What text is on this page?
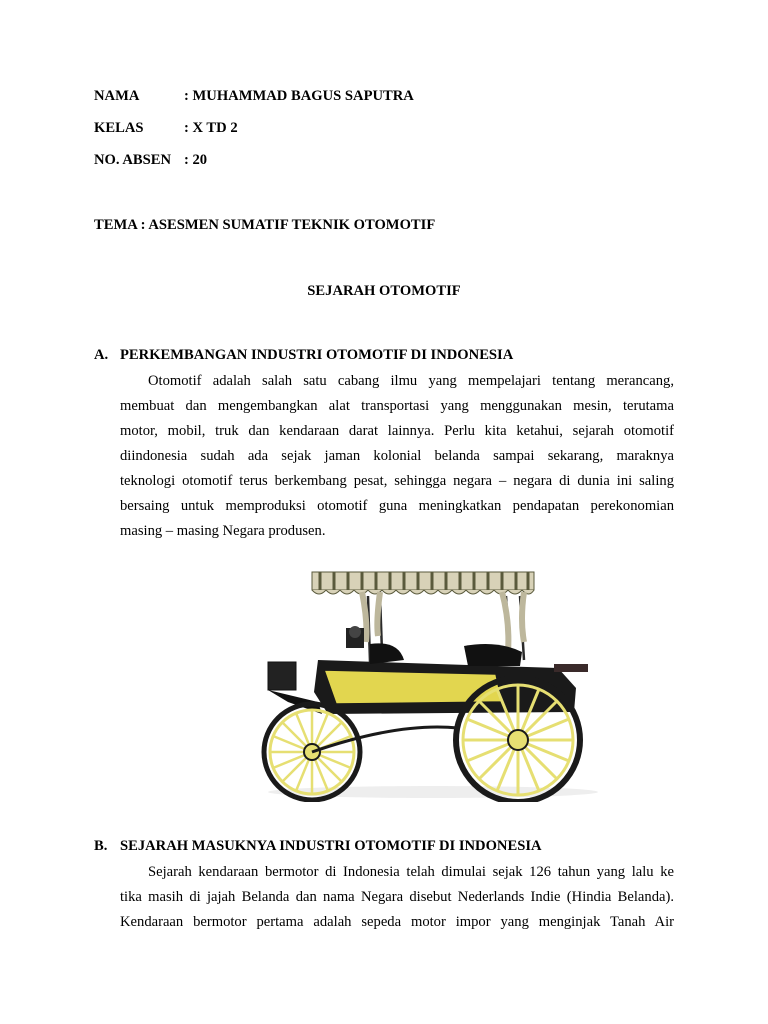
NAMA	: MUHAMMAD BAGUS SAPUTRA
KELAS	: X TD 2
NO. ABSEN : 20
TEMA : ASESMEN SUMATIF TEKNIK OTOMOTIF
SEJARAH OTOMOTIF
A. PERKEMBANGAN INDUSTRI OTOMOTIF DI INDONESIA
Otomotif adalah salah satu cabang ilmu yang mempelajari tentang merancang,
membuat dan mengembangkan alat transportasi yang menggunakan mesin, terutama
motor, mobil, truk dan kendaraan darat lainnya. Perlu kita ketahui, sejarah otomotif
diindonesia sudah ada sejak jaman kolonial belanda sampai sekarang, maraknya
teknologi otomotif terus berkembang pesat, sehingga negara – negara di dunia ini saling
bersaing untuk memproduksi otomotif guna meningkatkan pendapatan perekonomian
masing – masing Negara produsen.
B. SEJARAH MASUKNYA INDUSTRI OTOMOTIF DI INDONESIA
Sejarah kendaraan bermotor di Indonesia telah dimulai sejak 126 tahun yang lalu ke
tika masih di jajah Belanda dan nama Negara disebut Nederlands Indie (Hindia Belanda).
Kendaraan bermotor pertama adalah sepeda motor impor yang menginjak Tanah Air
